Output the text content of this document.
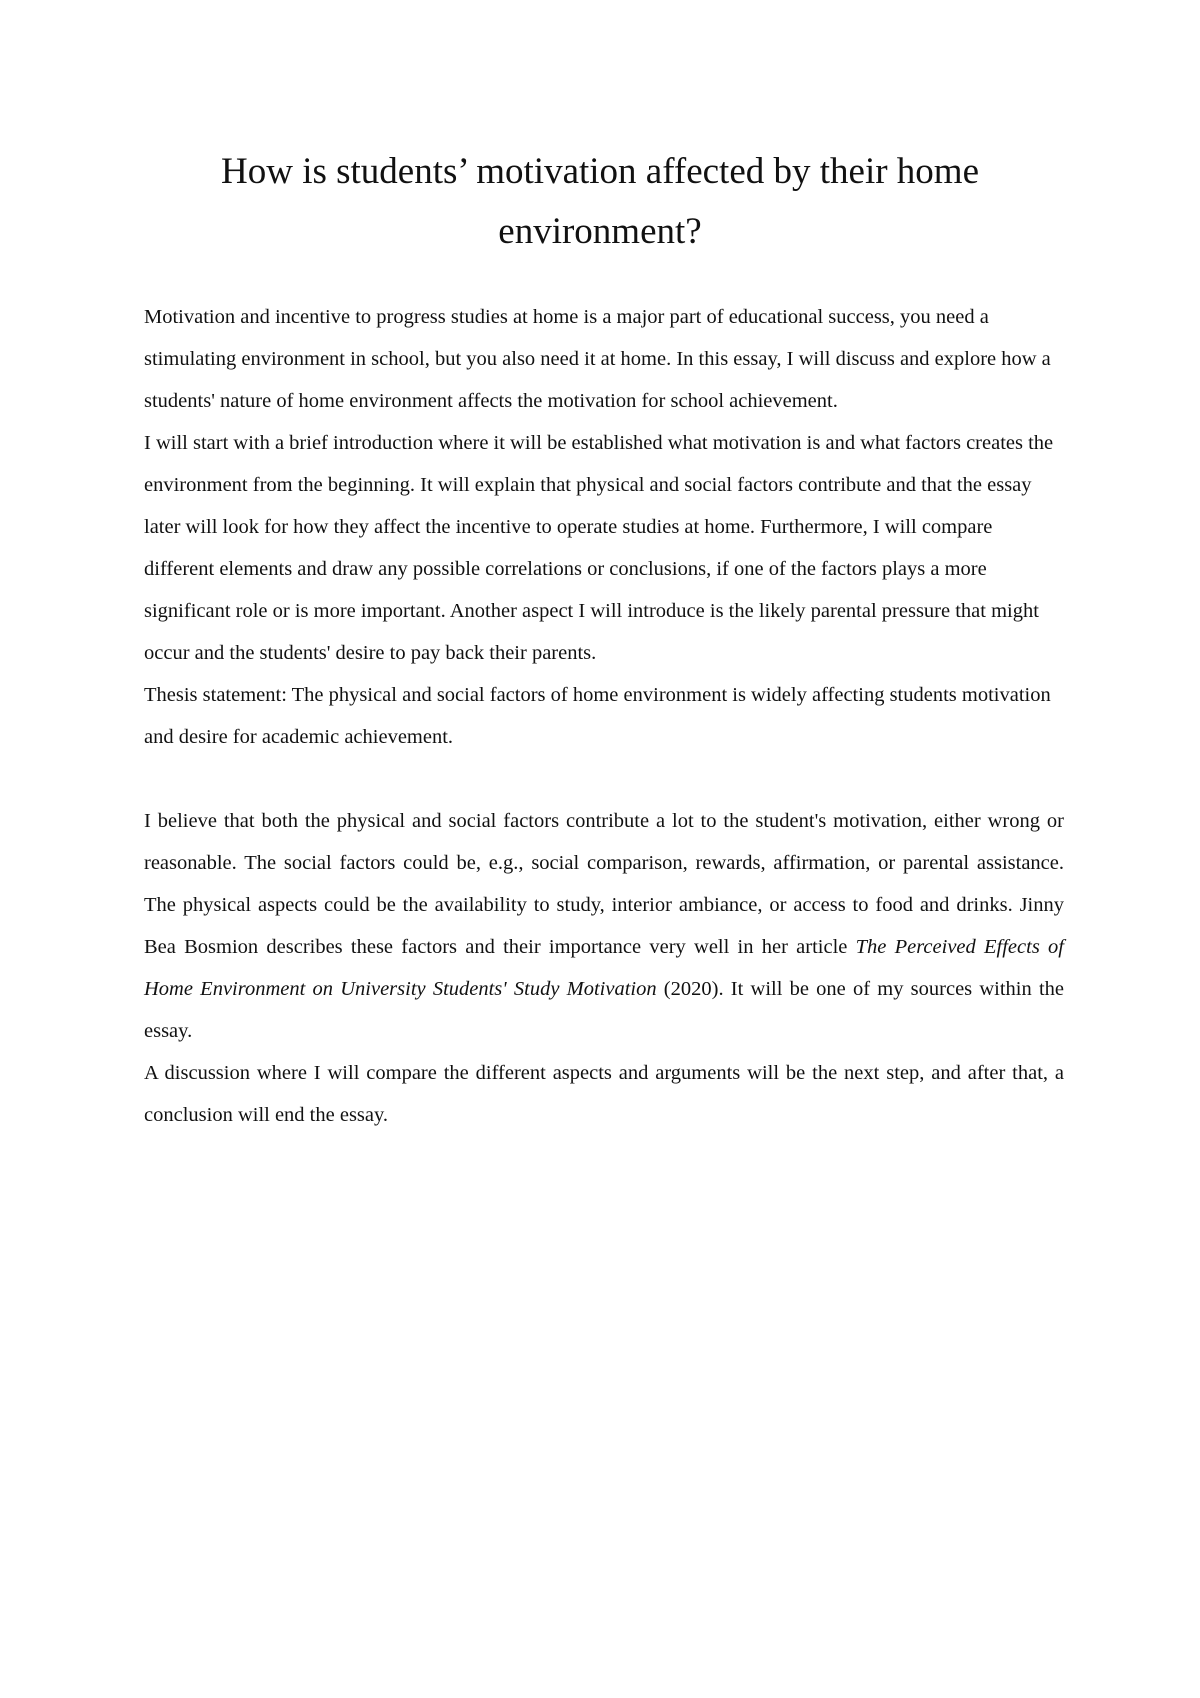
How is students’ motivation affected by their home environment?

Motivation and incentive to progress studies at home is a major part of educational success, you need a stimulating environment in school, but you also need it at home. In this essay, I will discuss and explore how a students' nature of home environment affects the motivation for school achievement.

I will start with a brief introduction where it will be established what motivation is and what factors creates the environment from the beginning. It will explain that physical and social factors contribute and that the essay later will look for how they affect the incentive to operate studies at home. Furthermore, I will compare different elements and draw any possible correlations or conclusions, if one of the factors plays a more significant role or is more important. Another aspect I will introduce is the likely parental pressure that might occur and the students' desire to pay back their parents.

Thesis statement: The physical and social factors of home environment is widely affecting students motivation and desire for academic achievement.

I believe that both the physical and social factors contribute a lot to the student's motivation, either wrong or reasonable. The social factors could be, e.g., social comparison, rewards, affirmation, or parental assistance. The physical aspects could be the availability to study, interior ambiance, or access to food and drinks. Jinny Bea Bosmion describes these factors and their importance very well in her article The Perceived Effects of Home Environment on University Students' Study Motivation (2020). It will be one of my sources within the essay.

A discussion where I will compare the different aspects and arguments will be the next step, and after that, a conclusion will end the essay.
